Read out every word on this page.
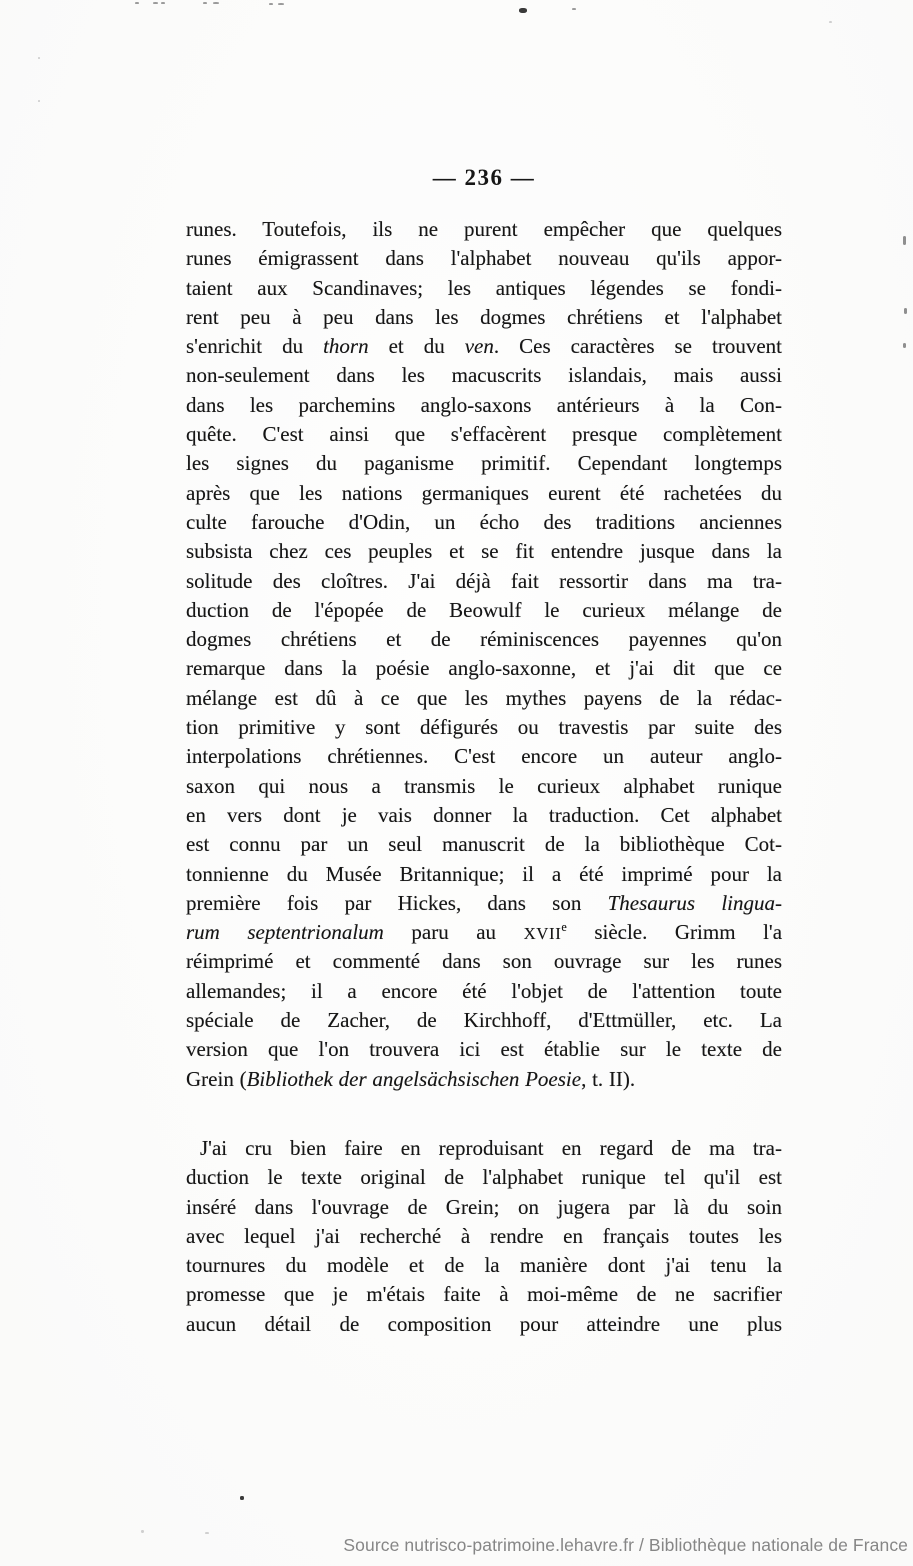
— 236 —
runes. Toutefois, ils ne purent empêcher que quelques
runes émigrassent dans l'alphabet nouveau qu'ils appor-
taient aux Scandinaves; les antiques légendes se fondi-
rent peu à peu dans les dogmes chrétiens et l'alphabet
s'enrichit du thorn et du ven. Ces caractères se trouvent
non-seulement dans les macuscrits islandais, mais aussi
dans les parchemins anglo-saxons antérieurs à la Con-
quête. C'est ainsi que s'effacèrent presque complètement
les signes du paganisme primitif. Cependant longtemps
après que les nations germaniques eurent été rachetées du
culte farouche d'Odin, un écho des traditions anciennes
subsista chez ces peuples et se fit entendre jusque dans la
solitude des cloîtres. J'ai déjà fait ressortir dans ma tra-
duction de l'épopée de Beowulf le curieux mélange de
dogmes chrétiens et de réminiscences payennes qu'on
remarque dans la poésie anglo-saxonne, et j'ai dit que ce
mélange est dû à ce que les mythes payens de la rédac-
tion primitive y sont défigurés ou travestis par suite des
interpolations chrétiennes. C'est encore un auteur anglo-
saxon qui nous a transmis le curieux alphabet runique
en vers dont je vais donner la traduction. Cet alphabet
est connu par un seul manuscrit de la bibliothèque Cot-
tonnienne du Musée Britannique; il a été imprimé pour la
première fois par Hickes, dans son Thesaurus lingua-
rum septentrionalum paru au XVIIe siècle. Grimm l'a
réimprimé et commenté dans son ouvrage sur les runes
allemandes; il a encore été l'objet de l'attention toute
spéciale de Zacher, de Kirchhoff, d'Ettmüller, etc. La
version que l'on trouvera ici est établie sur le texte de
Grein (Bibliothek der angelsächsischen Poesie, t. II).
J'ai cru bien faire en reproduisant en regard de ma tra-
duction le texte original de l'alphabet runique tel qu'il est
inséré dans l'ouvrage de Grein; on jugera par là du soin
avec lequel j'ai recherché à rendre en français toutes les
tournures du modèle et de la manière dont j'ai tenu la
promesse que je m'étais faite à moi-même de ne sacrifier
aucun détail de composition pour atteindre une plus
Source nutrisco-patrimoine.lehavre.fr / Bibliothèque nationale de France
